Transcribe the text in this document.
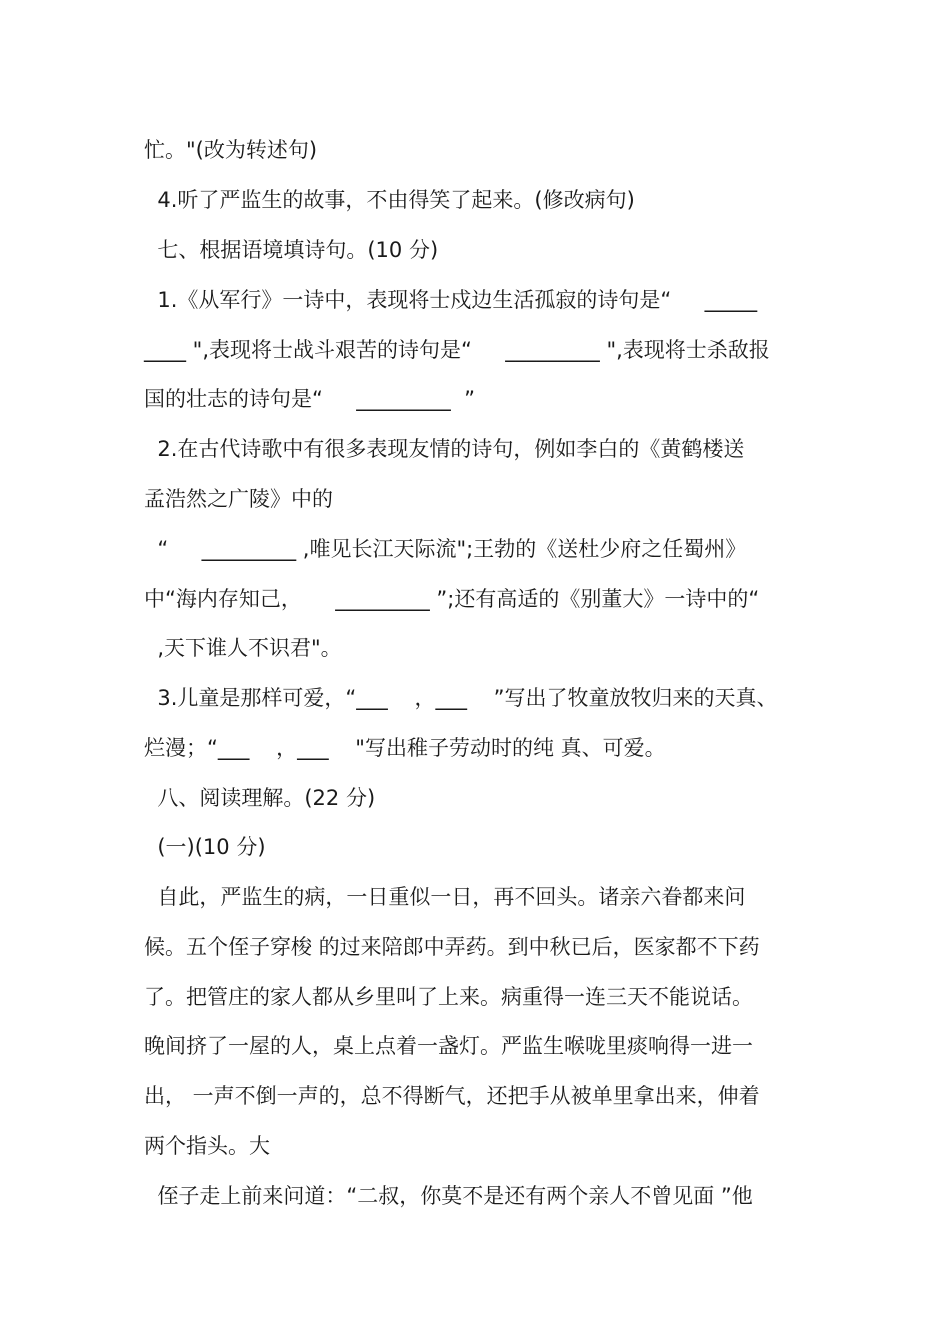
忙。"(改为转述句)
4.听了严监生的故事，不由得笑了起来。(修改病句)
七、根据语境填诗句。(10 分)
1.《从军行》一诗中，表现将士戍边生活孤寂的诗句是“     _____
____ ",表现将士战斗艰苦的诗句是“     _________ ",表现将士杀敌报
国的壮志的诗句是“     _________  ”
2.在古代诗歌中有很多表现友情的诗句，例如李白的《黄鹤楼送
孟浩然之广陵》中的
“     _________ ,唯见长江天际流";王勃的《送杜少府之任蜀州》
中“海内存知己，     _________ ”;还有高适的《别董大》一诗中的“
,天下谁人不识君"。
3.儿童是那样可爱，“___    ，___    ”写出了牧童放牧归来的天真、
烂漫；“___    ，___    "写出稚子劳动时的纯 真、可爱。
八、阅读理解。(22 分)
(一)(10 分)
自此，严监生的病，一日重似一日，再不回头。诸亲六眷都来问
候。五个侄子穿梭 的过来陪郎中弄药。到中秋已后，医家都不下药
了。把管庄的家人都从乡里叫了上来。病重得一连三天不能说话。
晚间挤了一屋的人，桌上点着一盏灯。严监生喉咙里痰响得一进一
出， 一声不倒一声的，总不得断气，还把手从被单里拿出来，伸着
两个指头。大
侄子走上前来问道：“二叔，你莫不是还有两个亲人不曾见面 ”他
